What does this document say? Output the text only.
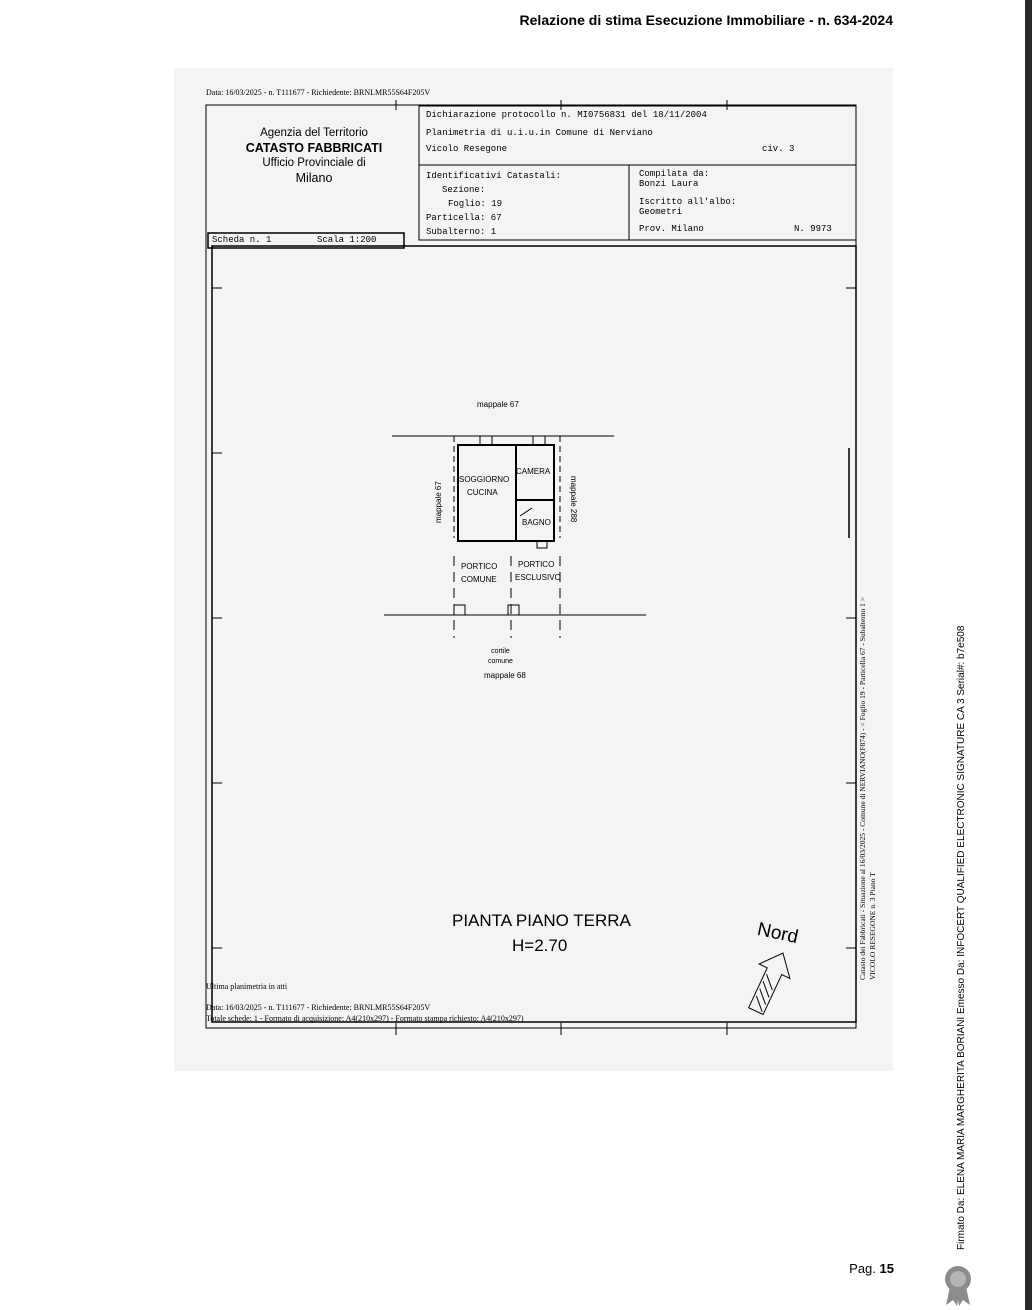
Relazione di stima Esecuzione Immobiliare - n. 634-2024
Data: 16/03/2025 - n. T111677 - Richiedente: BRNLMR55S64F205V
Agenzia del Territorio
CATASTO FABBRICATI
Ufficio Provinciale di
Milano
Dichiarazione protocollo n. MI0756831 del 18/11/2004
Planimetria di u.i.u.in Comune di Nerviano
Vicolo Resegone	civ. 3
Identificativi Catastali:
Sezione:
Foglio: 19
Particella: 67
Subalterno: 1
Compilata da:
Bonzi Laura
Iscritto all'albo:
Geometri
Prov. Milano	N. 9973
Scheda n. 1	Scala 1:200
mappale 67
mappale 67	mappale 288
SOGGIORNO
CUCINA
CAMERA
BAGNO
PORTICO
COMUNE
PORTICO
ESCLUSIVO
cortile
comune
mappale 68
PIANTA PIANO TERRA
H=2.70	Nord
Ultima planimetria in atti
Data: 16/03/2025 - n. T111677 - Richiedente: BRNLMR55S64F205V
Totale schede: 1 - Formato di acquisizione: A4(210x297) - Formato stampa richiesto: A4(210x297)
Catasto dei Fabbricati - Situazione al 16/03/2025 - Comune di NERVIANO(F874) - < Foglio 19 - Particella 67 - Subalterno 1 > VICOLO RESEGONE n. 3 Piano T	Firmato Da: ELENA MARIA MARGHERITA BORIANI Emesso Da: INFOCERT QUALIFIED ELECTRONIC SIGNATURE CA 3 Serial#: b7e508
Pag. 15
